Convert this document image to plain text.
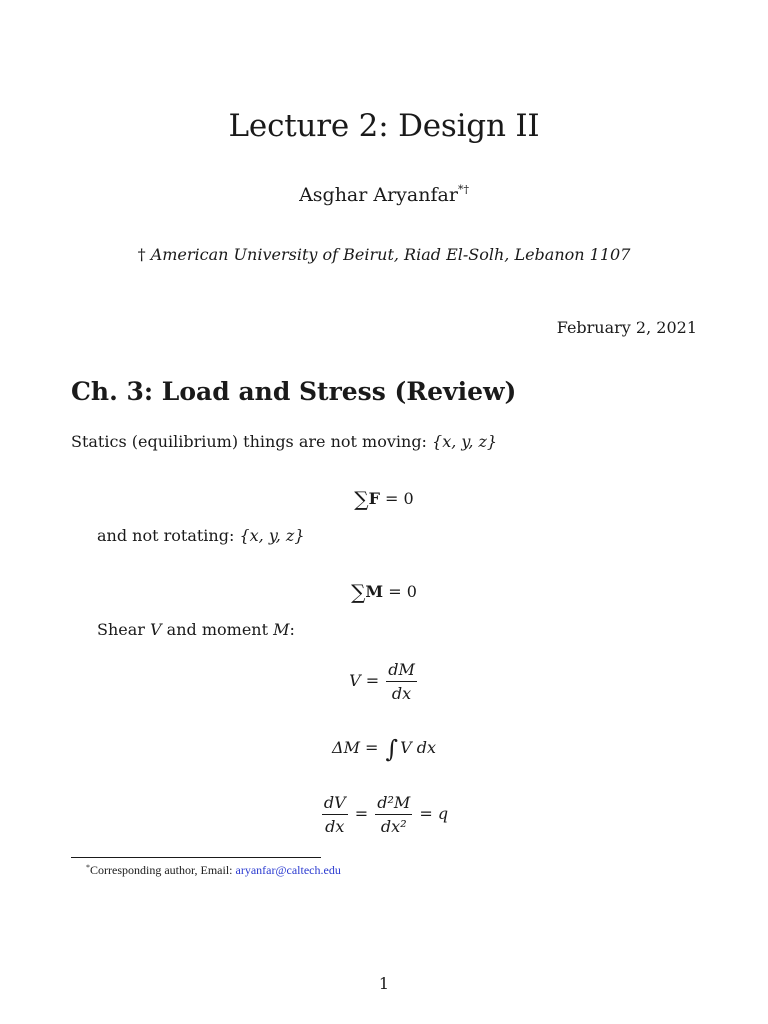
Lecture 2: Design II
Asghar Aryanfar*†
† American University of Beirut, Riad El-Solh, Lebanon 1107
February 2, 2021
Ch. 3: Load and Stress (Review)
Statics (equilibrium) things are not moving: {x, y, z}
∑F = 0
and not rotating: {x, y, z}
∑M = 0
Shear V and moment M:
$V = \frac{dM}{dx}$
ΔM = ∫ V dx
$\frac{dV}{dx} = \frac{\text{d²M}}{\text{dx²}} = q$
*Corresponding author, Email: aryanfar@caltech.edu
1
